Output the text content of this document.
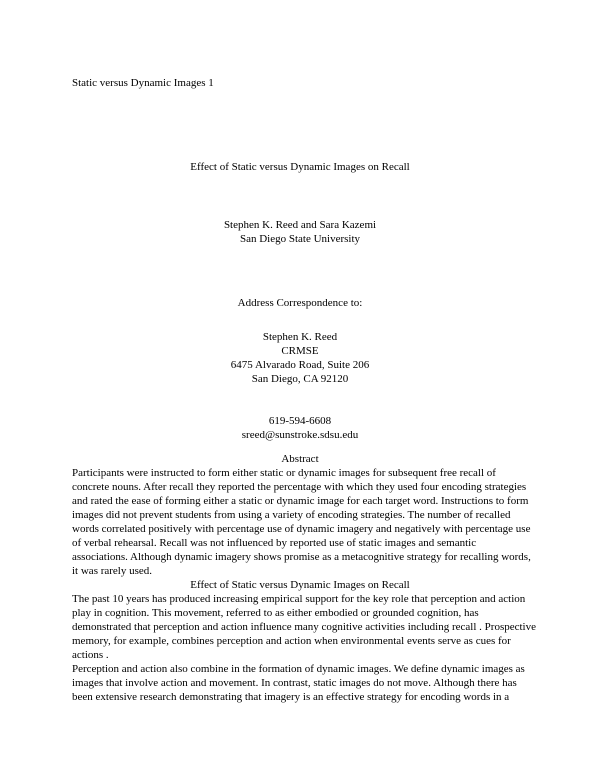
Static versus Dynamic Images 1
Effect of Static versus Dynamic Images on Recall
Stephen K. Reed and Sara Kazemi
San Diego State University
Address Correspondence to:
Stephen K. Reed
CRMSE
6475 Alvarado Road, Suite 206
San Diego, CA 92120
619-594-6608
sreed@sunstroke.sdsu.edu
Abstract
Participants were instructed to form either static or dynamic images for subsequent free recall of
concrete nouns. After recall they reported the percentage with which they used four encoding strategies
and rated the ease of forming either a static or dynamic image for each target word. Instructions to form
images did not prevent students from using a variety of encoding strategies. The number of recalled
words correlated positively with percentage use of dynamic imagery and negatively with percentage use
of verbal rehearsal. Recall was not influenced by reported use of static images and semantic
associations. Although dynamic imagery shows promise as a metacognitive strategy for recalling words,
it was rarely used.
Effect of Static versus Dynamic Images on Recall
The past 10 years has produced increasing empirical support for the key role that perception and action
play in cognition. This movement, referred to as either embodied or grounded cognition, has
demonstrated that perception and action influence many cognitive activities including recall . Prospective
memory, for example, combines perception and action when environmental events serve as cues for
actions .
Perception and action also combine in the formation of dynamic images. We define dynamic images as
images that involve action and movement. In contrast, static images do not move. Although there has
been extensive research demonstrating that imagery is an effective strategy for encoding words in a
